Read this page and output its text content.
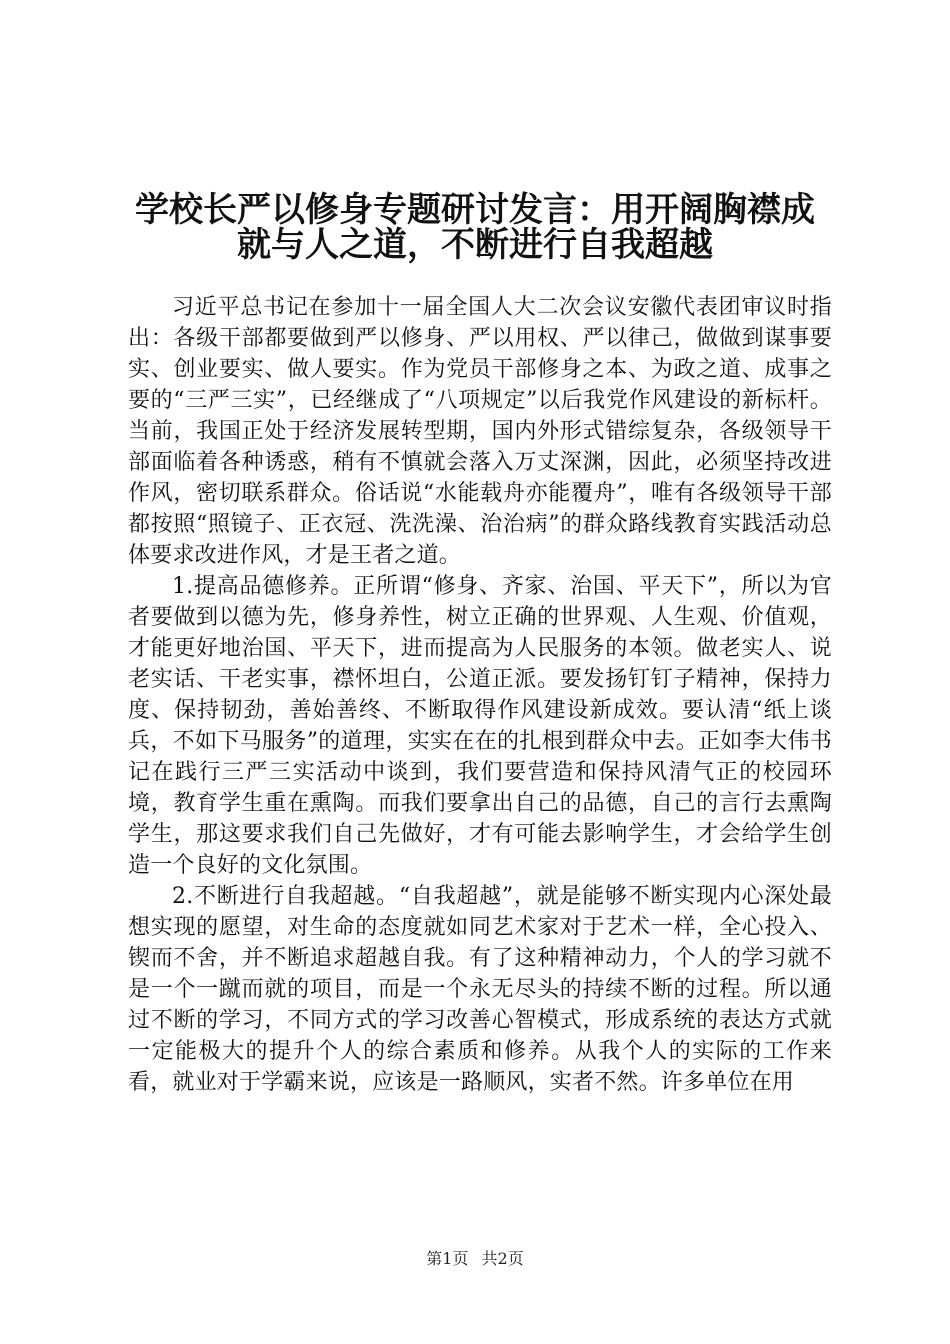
学校长严以修身专题研讨发言：用开阔胸襟成
就与人之道，不断进行自我超越

习近平总书记在参加十一届全国人大二次会议安徽代表团审议时指出：各级干部都要做到严以修身、严以用权、严以律己，做做到谋事要实、创业要实、做人要实。作为党员干部修身之本、为政之道、成事之要的“三严三实”，已经继成了“八项规定”以后我党作风建设的新标杆。当前，我国正处于经济发展转型期，国内外形式错综复杂，各级领导干部面临着各种诱惑，稍有不慎就会落入万丈深渊，因此，必须坚持改进作风，密切联系群众。俗话说“水能载舟亦能覆舟”，唯有各级领导干部都按照“照镜子、正衣冠、洗洗澡、治治病”的群众路线教育实践活动总体要求改进作风，才是王者之道。

1.提高品德修养。正所谓“修身、齐家、治国、平天下”，所以为官者要做到以德为先，修身养性，树立正确的世界观、人生观、价值观，才能更好地治国、平天下，进而提高为人民服务的本领。做老实人、说老实话、干老实事，襟怀坦白，公道正派。要发扬钉钉子精神，保持力度、保持韧劲，善始善终、不断取得作风建设新成效。要认清“纸上谈兵，不如下马服务”的道理，实实在在的扎根到群众中去。正如李大伟书记在践行三严三实活动中谈到，我们要营造和保持风清气正的校园环境，教育学生重在熏陶。而我们要拿出自己的品德，自己的言行去熏陶学生，那这要求我们自己先做好，才有可能去影响学生，才会给学生创造一个良好的文化氛围。

2.不断进行自我超越。“自我超越”，就是能够不断实现内心深处最想实现的愿望，对生命的态度就如同艺术家对于艺术一样，全心投入、锲而不舍，并不断追求超越自我。有了这种精神动力，个人的学习就不是一个一蹴而就的项目，而是一个永无尽头的持续不断的过程。所以通过不断的学习，不同方式的学习改善心智模式，形成系统的表达方式就一定能极大的提升个人的综合素质和修养。从我个人的实际的工作来看，就业对于学霸来说，应该是一路顺风，实者不然。许多单位在用

第1页 共2页
